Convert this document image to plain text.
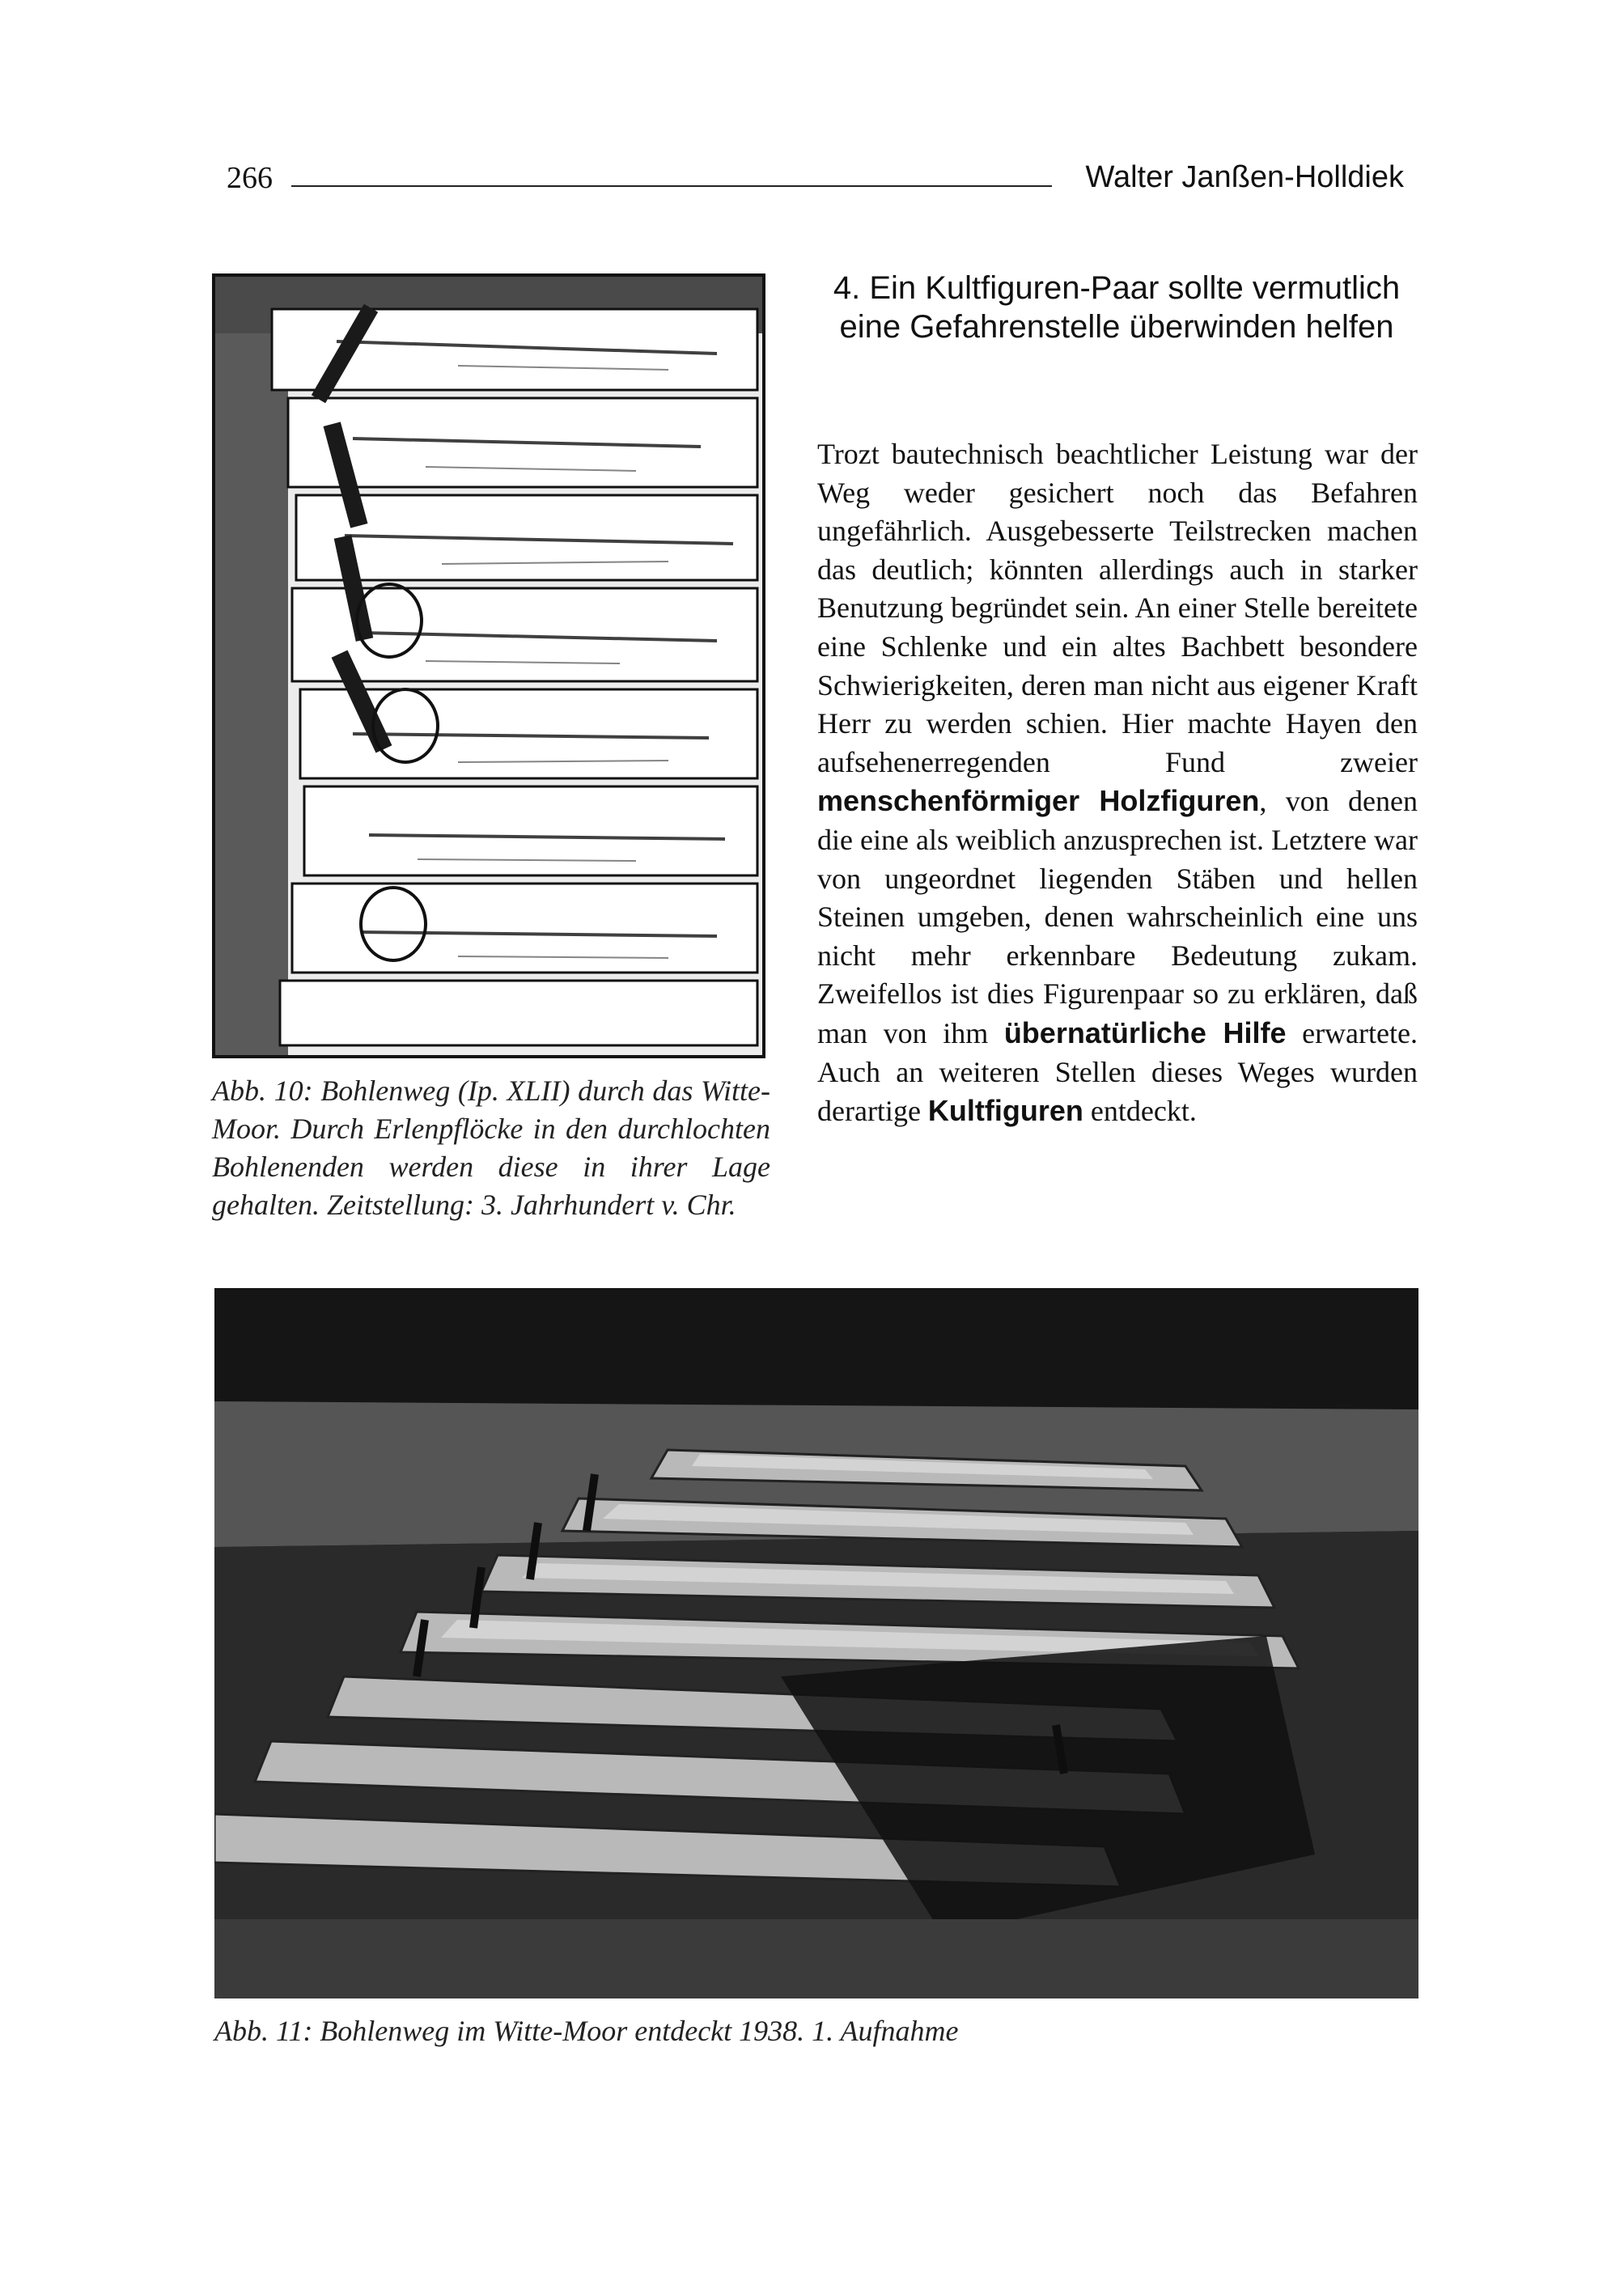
266	Walter Janßen-Holldiek
Abb. 10: Bohlenweg (Ip. XLII) durch das Witte-Moor. Durch Erlenpflöcke in den durchlochten Bohlenenden werden diese in ihrer Lage gehalten. Zeitstellung: 3. Jahrhundert v. Chr.
4. Ein Kultfiguren-Paar sollte vermutlich eine Gefahrenstelle überwinden helfen
Trozt bautechnisch beachtlicher Leistung war der Weg weder gesichert noch das Befahren ungefährlich. Ausgebesserte Teilstrecken machen das deutlich; könnten allerdings auch in starker Benutzung begründet sein. An einer Stelle bereitete eine Schlenke und ein altes Bachbett besondere Schwierigkeiten, deren man nicht aus eigener Kraft Herr zu werden schien. Hier machte Hayen den aufsehenerregenden Fund zweier menschenförmiger Holzfiguren, von denen die eine als weiblich anzusprechen ist. Letztere war von ungeordnet liegenden Stäben und hellen Steinen umgeben, denen wahrscheinlich eine uns nicht mehr erkennbare Bedeutung zukam. Zweifellos ist dies Figurenpaar so zu erklären, daß man von ihm übernatürliche Hilfe erwartete. Auch an weiteren Stellen dieses Weges wurden derartige Kultfiguren entdeckt.
Abb. 11: Bohlenweg im Witte-Moor entdeckt 1938. 1. Aufnahme
